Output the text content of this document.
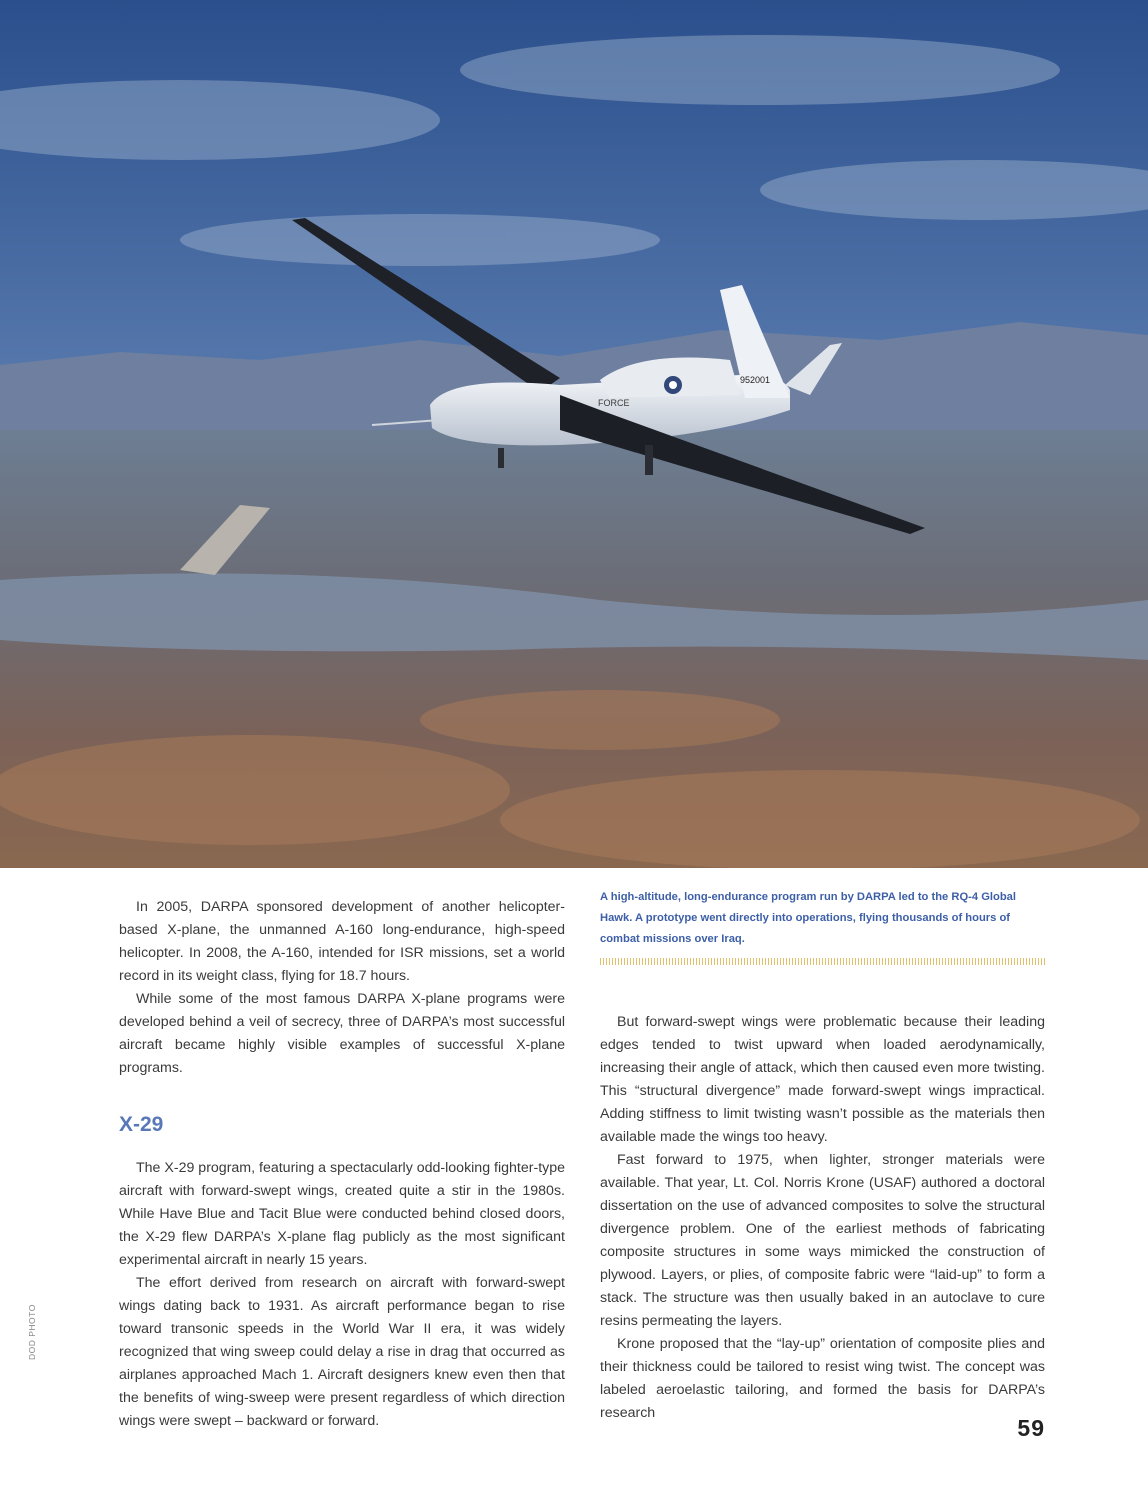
952001
FORCE

In 2005, DARPA sponsored development of another helicopter-based X-plane, the unmanned A-160 long-endurance, high-speed helicopter. In 2008, the A-160, intended for ISR missions, set a world record in its weight class, flying for 18.7 hours.

While some of the most famous DARPA X-plane programs were developed behind a veil of secrecy, three of DARPA’s most successful aircraft became highly visible examples of successful X-plane programs.

X-29

The X-29 program, featuring a spectacularly odd-looking fighter-type aircraft with forward-swept wings, created quite a stir in the 1980s. While Have Blue and Tacit Blue were conducted behind closed doors, the X-29 flew DARPA’s X-plane flag publicly as the most significant experimental aircraft in nearly 15 years.

The effort derived from research on aircraft with forward-swept wings dating back to 1931. As aircraft performance began to rise toward transonic speeds in the World War II era, it was widely recognized that wing sweep could delay a rise in drag that occurred as airplanes approached Mach 1. Aircraft designers knew even then that the benefits of wing-sweep were present regardless of which direction wings were swept – backward or forward.

A high-altitude, long-endurance program run by DARPA led to the RQ-4 Global Hawk. A prototype went directly into operations, flying thousands of hours of combat missions over Iraq.

But forward-swept wings were problematic because their leading edges tended to twist upward when loaded aerodynamically, increasing their angle of attack, which then caused even more twisting. This “structural divergence” made forward-swept wings impractical. Adding stiffness to limit twisting wasn’t possible as the materials then available made the wings too heavy.

Fast forward to 1975, when lighter, stronger materials were available. That year, Lt. Col. Norris Krone (USAF) authored a doctoral dissertation on the use of advanced composites to solve the structural divergence problem. One of the earliest methods of fabricating composite structures in some ways mimicked the construction of plywood. Layers, or plies, of composite fabric were “laid-up” to form a stack. The structure was then usually baked in an autoclave to cure resins permeating the layers.

Krone proposed that the “lay-up” orientation of composite plies and their thickness could be tailored to resist wing twist. The concept was labeled aeroelastic tailoring, and formed the basis for DARPA’s research

DOD PHOTO
59
